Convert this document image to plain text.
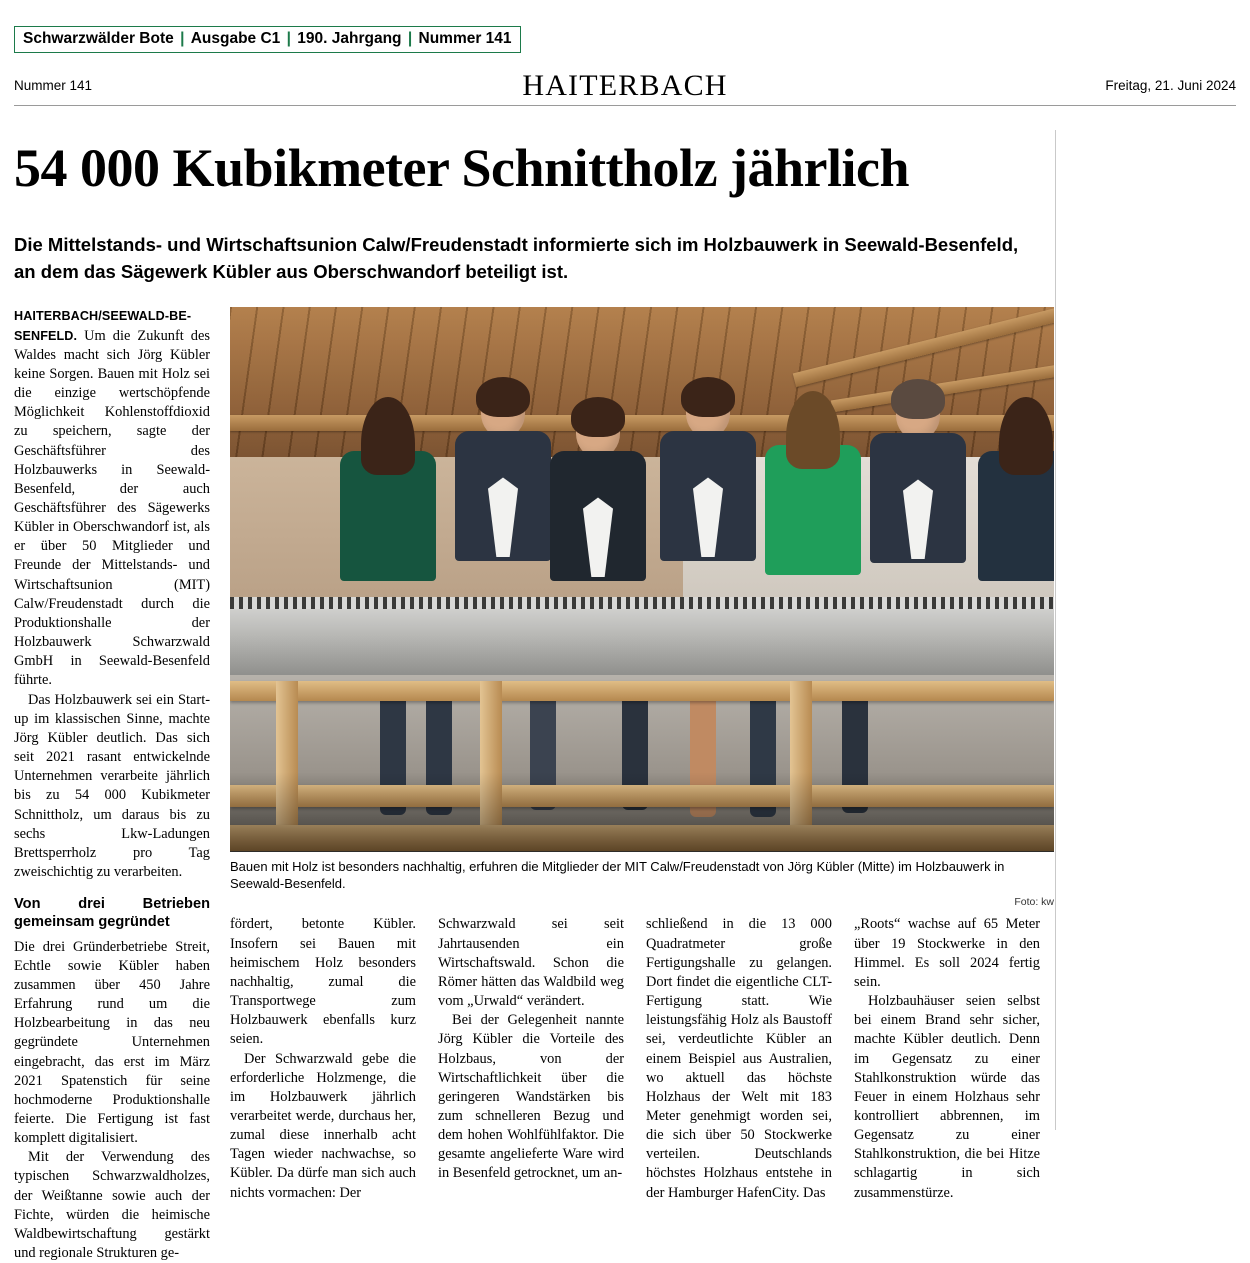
Schwarzwälder Bote | Ausgabe C1 | 190. Jahrgang | Nummer 141
Nummer 141	HAITERBACH	Freitag, 21. Juni 2024
54 000 Kubikmeter Schnittholz jährlich
Die Mittelstands- und Wirtschaftsunion Calw/Freudenstadt informierte sich im Holzbauwerk in Seewald-Besenfeld, an dem das Sägewerk Kübler aus Oberschwandorf beteiligt ist.

HAITERBACH/SEEWALD-BE-SENFELD. Um die Zukunft des Waldes macht sich Jörg Kübler keine Sorgen. Bauen mit Holz sei die einzige wertschöpfende Möglichkeit Kohlenstoffdioxid zu speichern, sagte der Geschäftsführer des Holzbauwerks in Seewald-Besenfeld, der auch Geschäftsführer des Sägewerks Kübler in Oberschwandorf ist, als er über 50 Mitglieder und Freunde der Mittelstands- und Wirtschaftsunion (MIT) Calw/Freudenstadt durch die Produktionshalle der Holzbauwerk Schwarzwald GmbH in Seewald-Besenfeld führte.

Das Holzbauwerk sei ein Start-up im klassischen Sinne, machte Jörg Kübler deutlich. Das sich seit 2021 rasant entwickelnde Unternehmen verarbeite jährlich bis zu 54 000 Kubikmeter Schnittholz, um daraus bis zu sechs Lkw-Ladungen Brettsperrholz pro Tag zweischichtig zu verarbeiten.

Von drei Betrieben gemeinsam gegründet

Die drei Gründerbetriebe Streit, Echtle sowie Kübler haben zusammen über 450 Jahre Erfahrung rund um die Holzbearbeitung in das neu gegründete Unternehmen eingebracht, das erst im März 2021 Spatenstich für seine hochmoderne Produktionshalle feierte. Die Fertigung ist fast komplett digitalisiert.

Mit der Verwendung des typischen Schwarzwaldholzes, der Weißtanne sowie auch der Fichte, würden die heimische Waldbewirtschaftung gestärkt und regionale Strukturen ge-

Bauen mit Holz ist besonders nachhaltig, erfuhren die Mitglieder der MIT Calw/Freudenstadt von Jörg Kübler (Mitte) im Holzbauwerk in Seewald-Besenfeld.
Foto: kw

fördert, betonte Kübler. Insofern sei Bauen mit heimischem Holz besonders nachhaltig, zumal die Transportwege zum Holzbauwerk ebenfalls kurz seien.

Der Schwarzwald gebe die erforderliche Holzmenge, die im Holzbauwerk jährlich verarbeitet werde, durchaus her, zumal diese innerhalb acht Tagen wieder nachwachse, so Kübler. Da dürfe man sich auch nichts vormachen: Der

Schwarzwald sei seit Jahrtausenden ein Wirtschaftswald. Schon die Römer hätten das Waldbild weg vom „Urwald“ verändert.

Bei der Gelegenheit nannte Jörg Kübler die Vorteile des Holzbaus, von der Wirtschaftlichkeit über die geringeren Wandstärken bis zum schnelleren Bezug und dem hohen Wohlfühlfaktor. Die gesamte angelieferte Ware wird in Besenfeld getrocknet, um an-

schließend in die 13 000 Quadratmeter große Fertigungshalle zu gelangen. Dort findet die eigentliche CLT-Fertigung statt. Wie leistungsfähig Holz als Baustoff sei, verdeutlichte Kübler an einem Beispiel aus Australien, wo aktuell das höchste Holzhaus der Welt mit 183 Meter genehmigt worden sei, die sich über 50 Stockwerke verteilen. Deutschlands höchstes Holzhaus entstehe in der Hamburger HafenCity. Das

„Roots“ wachse auf 65 Meter über 19 Stockwerke in den Himmel. Es soll 2024 fertig sein.

Holzbauhäuser seien selbst bei einem Brand sehr sicher, machte Kübler deutlich. Denn im Gegensatz zu einer Stahlkonstruktion würde das Feuer in einem Holzhaus sehr kontrolliert abbrennen, im Gegensatz zu einer Stahlkonstruktion, die bei Hitze schlagartig in sich zusammenstürze.
